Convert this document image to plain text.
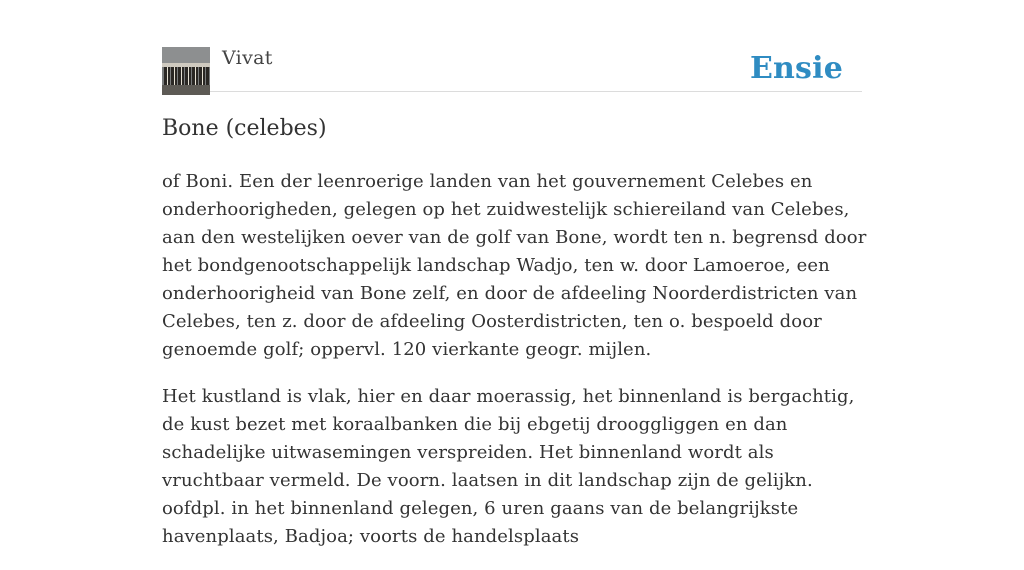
Vivat	Ensie
Bone (celebes)

of Boni. Een der leenroerige landen van het gouvernement Celebes en onderhoorigheden, gelegen op het zuidwestelijk schiereiland van Celebes, aan den westelijken oever van de golf van Bone, wordt ten n. begrensd door het bondgenootschappelijk landschap Wadjo, ten w. door Lamoeroe, een onderhoorigheid van Bone zelf, en door de afdeeling Noorderdistricten van Celebes, ten z. door de afdeeling Oosterdistricten, ten o. bespoeld door genoemde golf; oppervl. 120 vierkante geogr. mijlen.

Het kustland is vlak, hier en daar moerassig, het binnenland is bergachtig, de kust bezet met koraalbanken die bij ebgetij drooggliggen en dan schadelijke uitwasemingen verspreiden. Het binnenland wordt als vruchtbaar vermeld. De voorn. laatsen in dit landschap zijn de gelijkn. oofdpl. in het binnenland gelegen, 6 uren gaans van de belangrijkste havenplaats, Badjoa; voorts de handelsplaats
